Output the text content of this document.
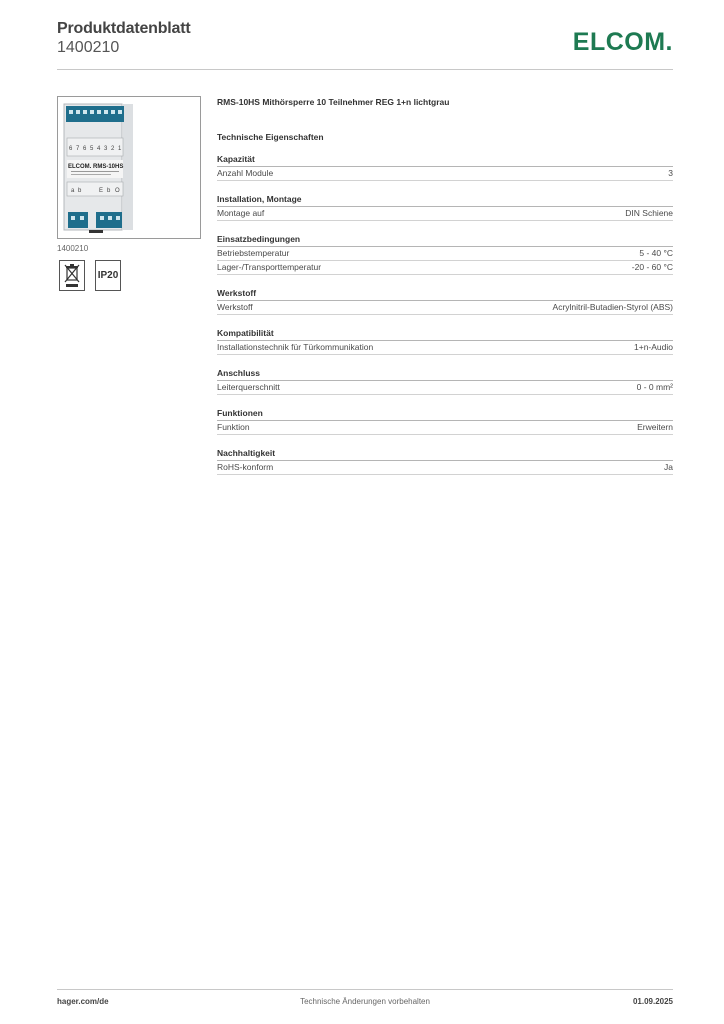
Produktdatenblatt
1400210	ELCOM.
6 7 6 5 4 3 2 1
ELCOM. RMS-10HS
a b	E b O
1400210
IP20
RMS-10HS Mithörsperre 10 Teilnehmer REG 1+n lichtgrau
Technische Eigenschaften
Kapazität
Anzahl Module	3
Installation, Montage
Montage auf	DIN Schiene
Einsatzbedingungen
Betriebstemperatur	5 - 40 °C
Lager-/Transporttemperatur	-20 - 60 °C
Werkstoff
Werkstoff	Acrylnitril-Butadien-Styrol (ABS)
Kompatibilität
Installationstechnik für Türkommunikation	1+n-Audio
Anschluss
Leiterquerschnitt	0 - 0 mm²
Funktionen
Funktion	Erweitern
Nachhaltigkeit
RoHS-konform	Ja
hager.com/de	Technische Änderungen vorbehalten	01.09.2025
